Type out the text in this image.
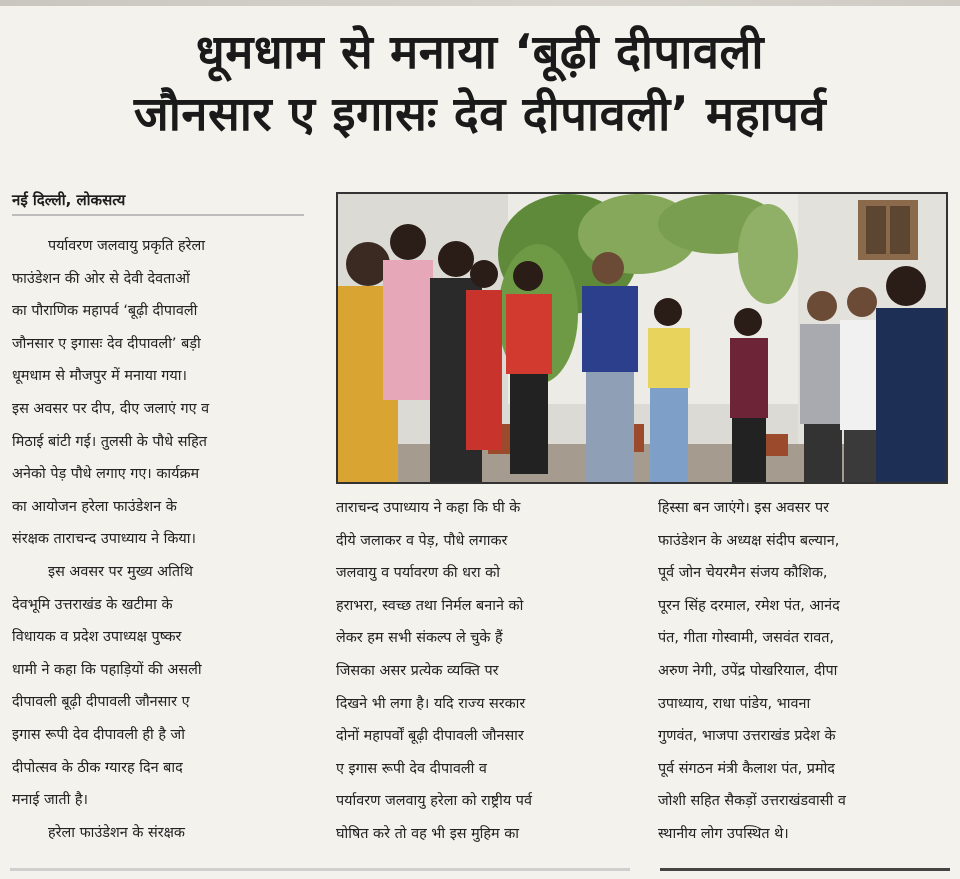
धूमधाम से मनाया ‘बूढ़ी दीपावली
जौनसार ए इगासः देव दीपावली’ महापर्व
नई दिल्ली, लोकसत्य
पर्यावरण जलवायु प्रकृति हरेला
फाउंडेशन की ओर से देवी देवताओं
का पौराणिक महापर्व ‘बूढ़ी दीपावली
जौनसार ए इगासः देव दीपावली’ बड़ी
धूमधाम से मौजपुर में मनाया गया।
इस अवसर पर दीप, दीए जलाएं गए व
मिठाई बांटी गई। तुलसी के पौधे सहित
अनेको पेड़ पौधे लगाए गए। कार्यक्रम
का आयोजन हरेला फाउंडेशन के
संरक्षक ताराचन्द उपाध्याय ने किया।
इस अवसर पर मुख्य अतिथि
देवभूमि उत्तराखंड के खटीमा के
विधायक व प्रदेश उपाध्यक्ष पुष्कर
धामी ने कहा कि पहाड़ियों की असली
दीपावली बूढ़ी दीपावली जौनसार ए
इगास रूपी देव दीपावली ही है जो
दीपोत्सव के ठीक ग्यारह दिन बाद
मनाई जाती है।
हरेला फाउंडेशन के संरक्षक
ताराचन्द उपाध्याय ने कहा कि घी के
दीये जलाकर व पेड़, पौधे लगाकर
जलवायु व पर्यावरण की धरा को
हराभरा, स्वच्छ तथा निर्मल बनाने को
लेकर हम सभी संकल्प ले चुके हैं
जिसका असर प्रत्येक व्यक्ति पर
दिखने भी लगा है। यदि राज्य सरकार
दोनों महापर्वों बूढ़ी दीपावली जौनसार
ए इगास रूपी देव दीपावली व
पर्यावरण जलवायु हरेला को राष्ट्रीय पर्व
घोषित करे तो वह भी इस मुहिम का
हिस्सा बन जाएंगे। इस अवसर पर
फाउंडेशन के अध्यक्ष संदीप बल्यान,
पूर्व जोन चेयरमैन संजय कौशिक,
पूरन सिंह दरमाल, रमेश पंत, आनंद
पंत, गीता गोस्वामी, जसवंत रावत,
अरुण नेगी, उपेंद्र पोखरियाल, दीपा
उपाध्याय, राधा पांडेय, भावना
गुणवंत, भाजपा उत्तराखंड प्रदेश के
पूर्व संगठन मंत्री कैलाश पंत, प्रमोद
जोशी सहित सैकड़ों उत्तराखंडवासी व
स्थानीय लोग उपस्थित थे।
